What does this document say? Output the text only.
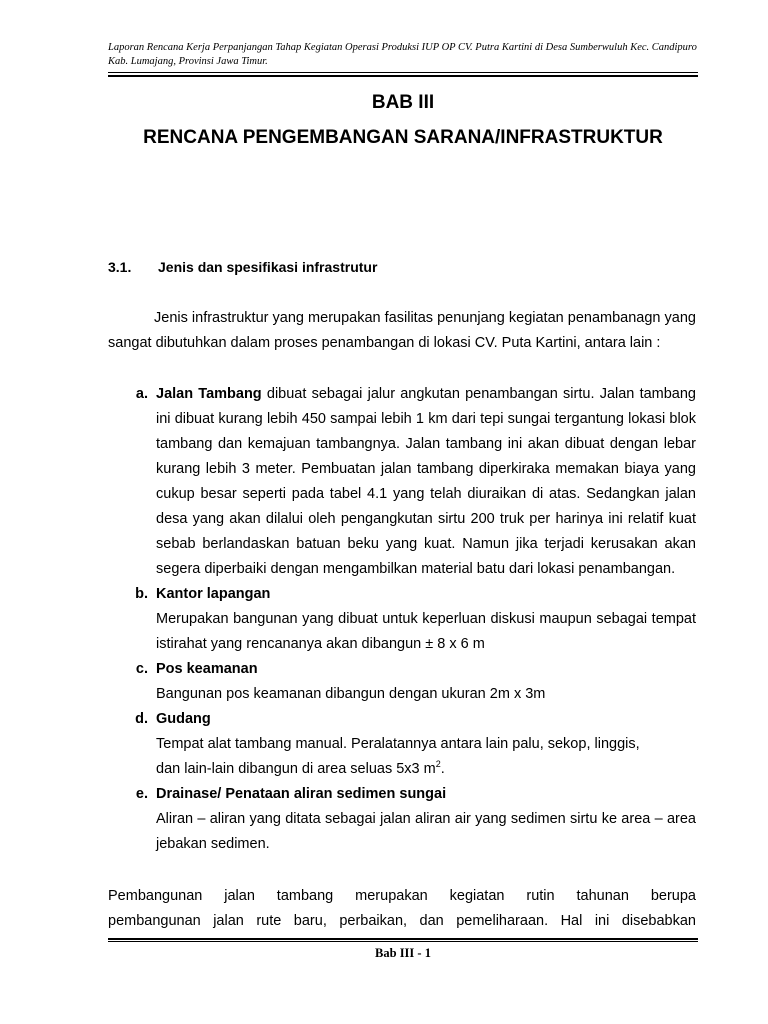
Laporan Rencana Kerja Perpanjangan Tahap Kegiatan Operasi Produksi IUP OP CV. Putra Kartini di Desa Sumberwuluh Kec. Candipuro Kab. Lumajang, Provinsi Jawa Timur.
BAB III
RENCANA PENGEMBANGAN SARANA/INFRASTRUKTUR
3.1. Jenis dan spesifikasi infrastrutur
Jenis infrastruktur yang merupakan fasilitas penunjang kegiatan penambanagn yang sangat dibutuhkan dalam proses penambangan di lokasi CV. Puta Kartini, antara lain :
a. Jalan Tambang dibuat sebagai jalur angkutan penambangan sirtu. Jalan tambang ini dibuat kurang lebih 450 sampai lebih 1 km dari tepi sungai tergantung lokasi blok tambang dan kemajuan tambangnya. Jalan tambang ini akan dibuat dengan lebar kurang lebih 3 meter. Pembuatan jalan tambang diperkiraka memakan biaya yang cukup besar seperti pada tabel 4.1 yang telah diuraikan di atas. Sedangkan jalan desa yang akan dilalui oleh pengangkutan sirtu 200 truk per harinya ini relatif kuat sebab berlandaskan batuan beku yang kuat. Namun jika terjadi kerusakan akan segera diperbaiki dengan mengambilkan material batu dari lokasi penambangan.
b. Kantor lapangan
Merupakan bangunan yang dibuat untuk keperluan diskusi maupun sebagai tempat istirahat yang rencananya akan dibangun ± 8 x 6 m
c. Pos keamanan
Bangunan pos keamanan dibangun dengan ukuran 2m x 3m
d. Gudang
Tempat alat tambang manual. Peralatannya antara lain palu, sekop, linggis,
dan lain-lain dibangun di area seluas 5x3 $m^2$.
e. Drainase/ Penataan aliran sedimen sungai
Aliran – aliran yang ditata sebagai jalan aliran air yang sedimen sirtu ke area – area jebakan sedimen.
Pembangunan jalan tambang merupakan kegiatan rutin tahunan berupa
pembangunan jalan rute baru, perbaikan, dan pemeliharaan. Hal ini disebabkan
Bab III - 1
